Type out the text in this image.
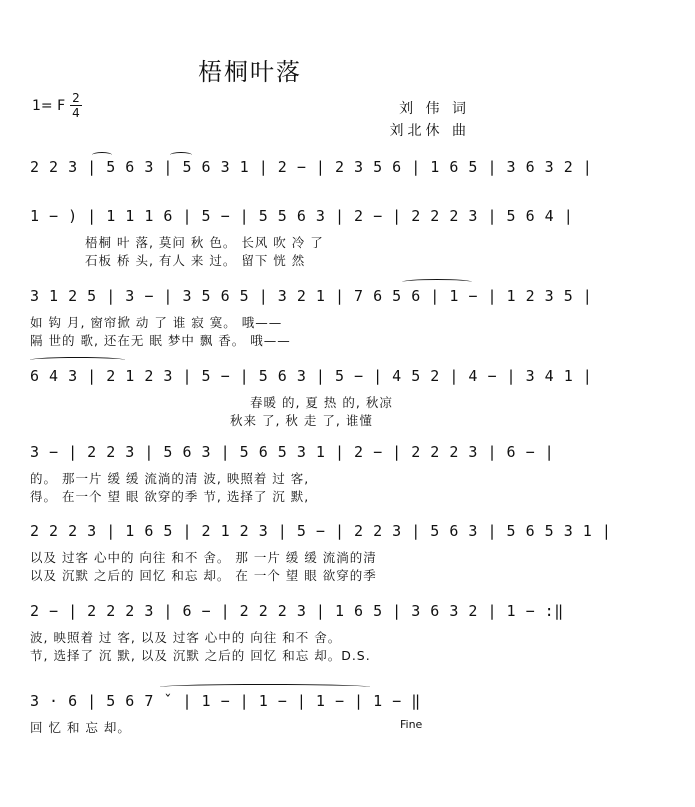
梧桐叶落
1= F 2
4	刘 伟 词
刘北休 曲
2 2 3 | 5 6 3 | 5 6 3 1 | 2 − | 2 3 5 6 | 1 6 5 | 3 6 3 2 |
1 − ) | 1 1 1 6 | 5 − | 5 5 6 3 | 2 − | 2 2 2 3 | 5 6 4 |
梧桐 叶 落, 莫问 秋 色。 长风 吹 冷 了
石板 桥 头, 有人 来 过。 留下 恍 然
3 1 2 5 | 3 − | 3 5 6 5 | 3 2 1 | 7 6 5 6 | 1 − | 1 2 3 5 |
如 钩 月, 窗帘掀 动 了 谁 寂 寞。 哦——
隔 世的 歌, 还在无 眠 梦中 飘 香。 哦——
6 4 3 | 2 1 2 3 | 5 − | 5 6 3 | 5 − | 4 5 2 | 4 − | 3 4 1 |
春暖 的, 夏 热 的, 秋凉
秋来 了, 秋 走 了, 谁懂
3 − | 2 2 3 | 5 6 3 | 5 6 5 3 1 | 2 − | 2 2 2 3 | 6 − |
的。 那一片 缓 缓 流淌的清 波, 映照着 过 客,
得。 在一个 望 眼 欲穿的季 节, 选择了 沉 默,
2 2 2 3 | 1 6 5 | 2 1 2 3 | 5 − | 2 2 3 | 5 6 3 | 5 6 5 3 1 |
以及 过客 心中的 向往 和不 舍。 那 一片 缓 缓 流淌的清
以及 沉默 之后的 回忆 和忘 却。 在 一个 望 眼 欲穿的季
2 − | 2 2 2 3 | 6 − | 2 2 2 3 | 1 6 5 | 3 6 3 2 | 1 − :‖
波, 映照着 过 客, 以及 过客 心中的 向往 和不 舍。
节, 选择了 沉 默, 以及 沉默 之后的 回忆 和忘 却。D.S.
3 · 6 | 5 6 7 ˇ | 1 − | 1 − | 1 − | 1 − ‖
回 忆 和 忘 却。	Fine
